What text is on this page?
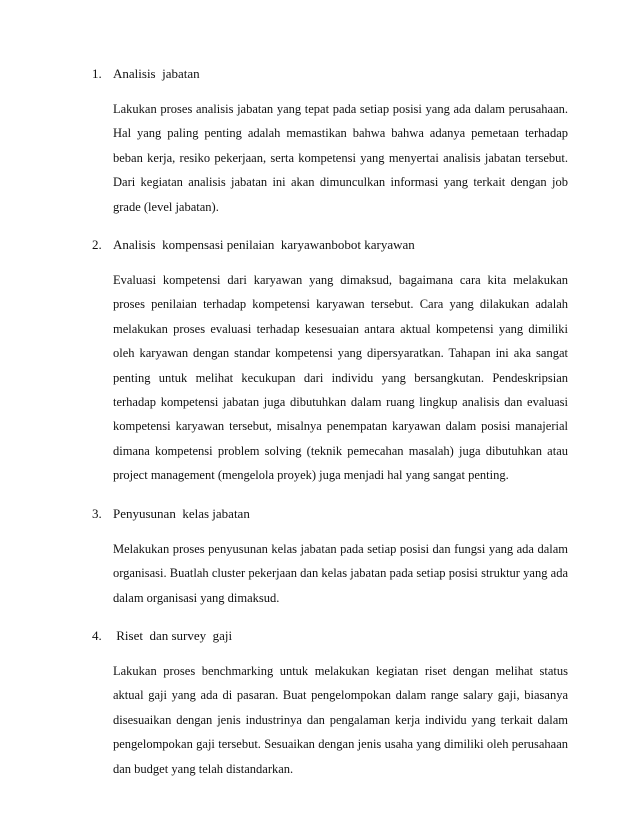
1. Analisis  jabatan

Lakukan proses analisis jabatan yang tepat pada setiap posisi yang ada dalam perusahaan. Hal yang paling penting adalah memastikan bahwa bahwa adanya pemetaan terhadap beban kerja, resiko pekerjaan, serta kompetensi yang menyertai analisis jabatan tersebut. Dari kegiatan analisis jabatan ini akan dimunculkan informasi yang terkait dengan job grade (level jabatan).

2. Analisis  kompensasi penilaian  karyawanbobot karyawan

Evaluasi kompetensi dari karyawan yang dimaksud, bagaimana cara kita melakukan proses penilaian terhadap kompetensi karyawan tersebut. Cara yang dilakukan adalah melakukan proses evaluasi terhadap kesesuaian antara aktual kompetensi yang dimiliki oleh karyawan dengan standar kompetensi yang dipersyaratkan. Tahapan ini aka sangat penting untuk melihat kecukupan dari individu yang bersangkutan. Pendeskripsian terhadap kompetensi jabatan juga dibutuhkan dalam ruang lingkup analisis dan evaluasi kompetensi karyawan tersebut, misalnya penempatan karyawan dalam posisi manajerial dimana kompetensi problem solving (teknik pemecahan masalah) juga dibutuhkan atau project management (mengelola proyek) juga menjadi hal yang sangat penting.

3. Penyusunan  kelas jabatan

Melakukan proses penyusunan kelas jabatan pada setiap posisi dan fungsi yang ada dalam organisasi. Buatlah cluster pekerjaan dan kelas jabatan pada setiap posisi struktur yang ada dalam organisasi yang dimaksud.

4. Riset  dan survey  gaji

Lakukan proses benchmarking untuk melakukan kegiatan riset dengan melihat status aktual gaji yang ada di pasaran. Buat pengelompokan dalam range salary gaji, biasanya disesuaikan dengan jenis industrinya dan pengalaman kerja individu yang terkait dalam pengelompokan gaji tersebut. Sesuaikan dengan jenis usaha yang dimiliki oleh perusahaan dan budget yang telah distandarkan.
